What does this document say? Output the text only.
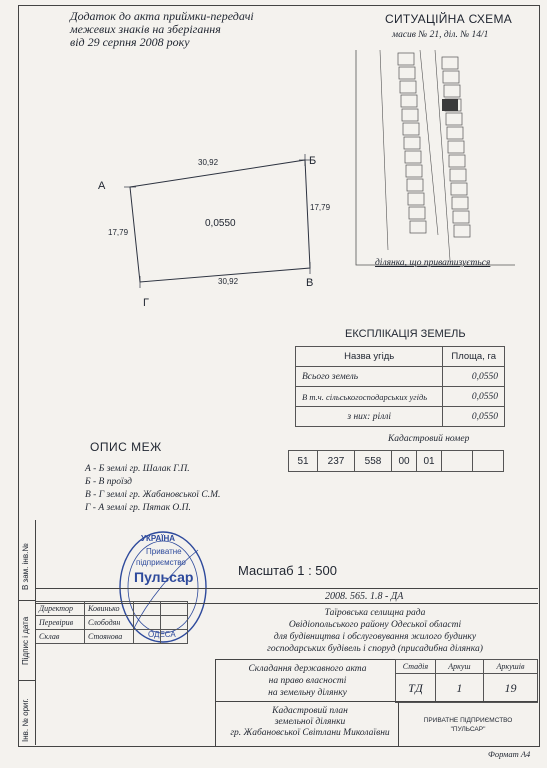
Додаток до акта приймки-передачі
межевих знаків на зберігання
від 29 серпня 2008 року
СИТУАЦІЙНА СХЕМА
масив № 21, діл. № 14/1
ділянка, що приватизується
А
Б
В
Г
30,92
30,92
17,79
17,79
0,0550
ЕКСПЛІКАЦІЯ ЗЕМЕЛЬ
Назва угідь	Площа, га
Всього земель	0,0550
В т.ч. сільськогосподарських угідь	0,0550
з них: ріллі	0,0550
Кадастровий номер
51	237	558	00	01		
ОПИС МЕЖ
А - Б землі гр. Шалак Г.П.
Б - В проїзд
В - Г землі гр. Жабановської С.М.
Г - А землі гр. Пятак О.П.
УКРАЇНА
Приватне
підприємство
Пульсар
ОДЕСА
Масштаб 1 : 500
2008. 565. 1.8 - ДА
Директор	Ковинько		
Перевірив	Слободян		
Склав	Стоянова		
Таїровська селищна рада
Овідіопольського району Одеської області
для будівництва і обслуговування жилого будинку
господарських будівель і споруд (присадибна ділянка)
Складання державного акта
на право власності
на земельну ділянку
Стадія	Аркуш	Аркушів
ТД	1	19
Кадастровий план
земельної ділянки
гр. Жабановської Світлани Миколаївни
ПРИВАТНЕ ПІДПРИЄМСТВО
"ПУЛЬСАР"
Формат А4
Інв. № ориг.
Підпис і дата
В зам. інв.№
